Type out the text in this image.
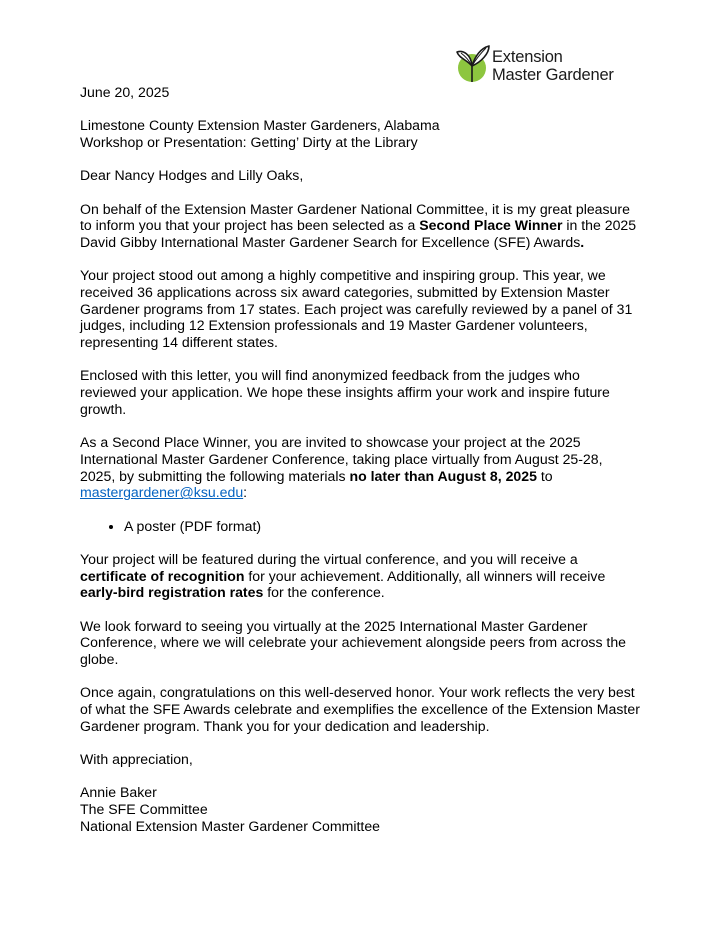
Extension
Master Gardener

June 20, 2025

Limestone County Extension Master Gardeners, Alabama
Workshop or Presentation: Getting’ Dirty at the Library

Dear Nancy Hodges and Lilly Oaks,

On behalf of the Extension Master Gardener National Committee, it is my great pleasure to inform you that your project has been selected as a Second Place Winner in the 2025 David Gibby International Master Gardener Search for Excellence (SFE) Awards.

Your project stood out among a highly competitive and inspiring group. This year, we received 36 applications across six award categories, submitted by Extension Master Gardener programs from 17 states. Each project was carefully reviewed by a panel of 31 judges, including 12 Extension professionals and 19 Master Gardener volunteers, representing 14 different states.

Enclosed with this letter, you will find anonymized feedback from the judges who reviewed your application. We hope these insights affirm your work and inspire future growth.

As a Second Place Winner, you are invited to showcase your project at the 2025 International Master Gardener Conference, taking place virtually from August 25-28, 2025, by submitting the following materials no later than August 8, 2025 to
mastergardener@ksu.edu:

• A poster (PDF format)

Your project will be featured during the virtual conference, and you will receive a certificate of recognition for your achievement. Additionally, all winners will receive early-bird registration rates for the conference.

We look forward to seeing you virtually at the 2025 International Master Gardener Conference, where we will celebrate your achievement alongside peers from across the globe.

Once again, congratulations on this well-deserved honor. Your work reflects the very best of what the SFE Awards celebrate and exemplifies the excellence of the Extension Master Gardener program. Thank you for your dedication and leadership.

With appreciation,

Annie Baker
The SFE Committee
National Extension Master Gardener Committee
